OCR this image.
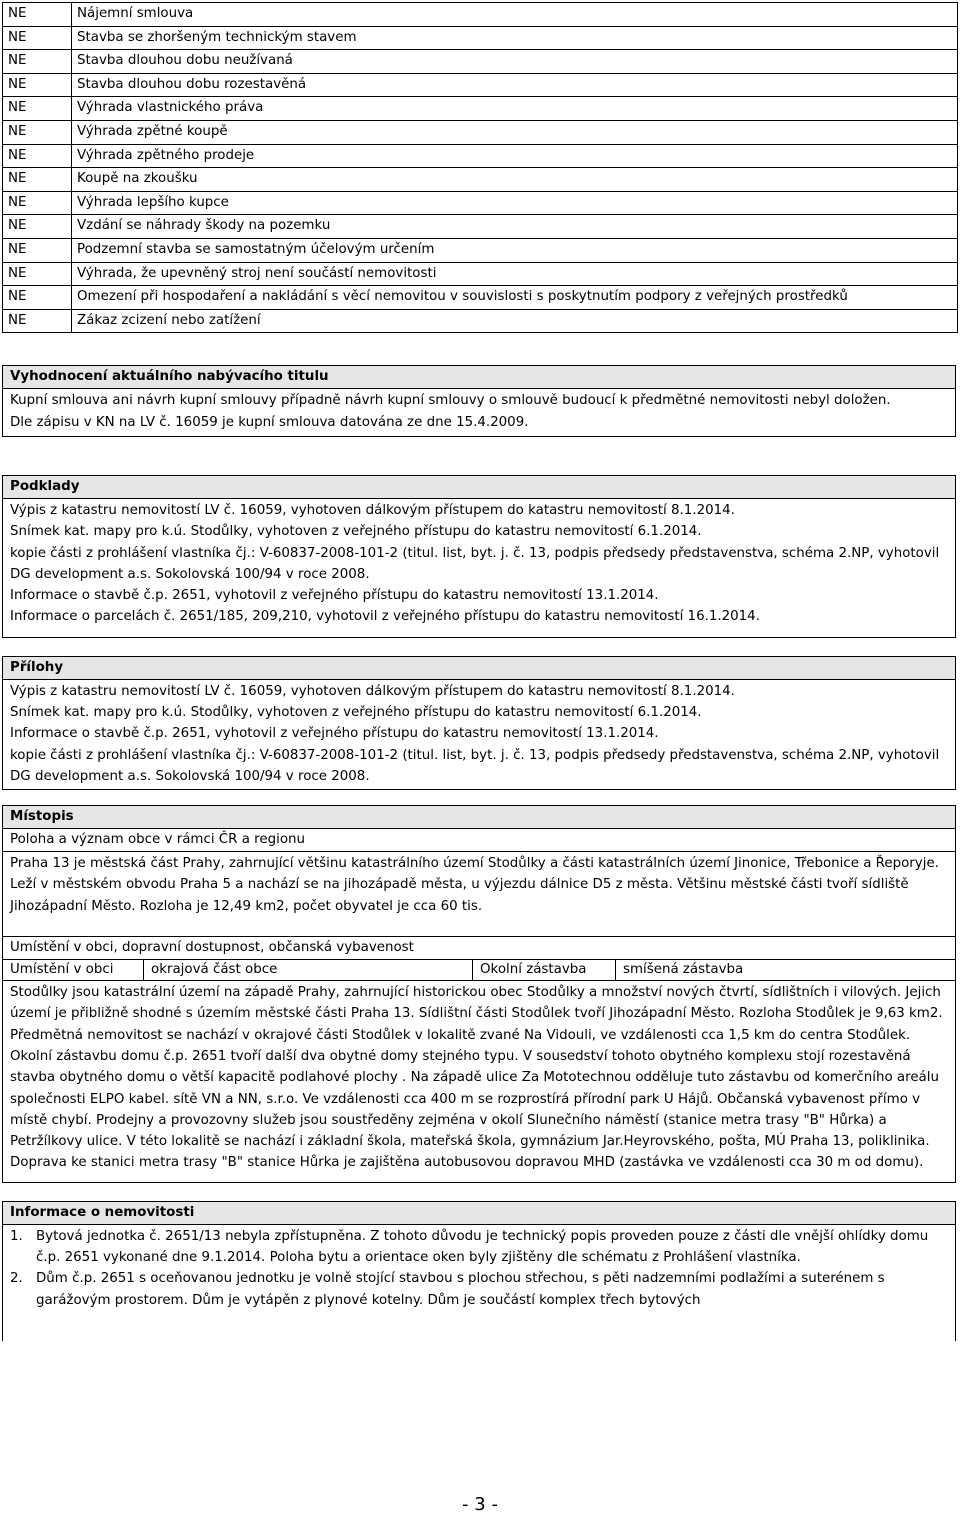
NE	Nájemní smlouva
NE	Stavba se zhoršeným technickým stavem
NE	Stavba dlouhou dobu neužívaná
NE	Stavba dlouhou dobu rozestavěná
NE	Výhrada vlastnického práva
NE	Výhrada zpětné koupě
NE	Výhrada zpětného prodeje
NE	Koupě na zkoušku
NE	Výhrada lepšího kupce
NE	Vzdání se náhrady škody na pozemku
NE	Podzemní stavba se samostatným účelovým určením
NE	Výhrada, že upevněný stroj není součástí nemovitosti
NE	Omezení při hospodaření a nakládání s věcí nemovitou v souvislosti s poskytnutím podpory z veřejných prostředků
NE	Zákaz zcizení nebo zatížení
Vyhodnocení aktuálního nabývacího titulu
Kupní smlouva ani návrh kupní smlouvy případně návrh kupní smlouvy o smlouvě budoucí k předmětné nemovitosti nebyl doložen.
Dle zápisu v KN na LV č. 16059 je kupní smlouva datována ze dne 15.4.2009.
Podklady
Výpis z katastru nemovitostí LV č. 16059, vyhotoven dálkovým přístupem do katastru nemovitostí 8.1.2014.
Snímek kat. mapy pro k.ú. Stodůlky, vyhotoven z veřejného přístupu do katastru nemovitostí 6.1.2014.
kopie části z prohlášení vlastníka čj.: V-60837-2008-101-2 (titul. list, byt. j. č. 13, podpis předsedy představenstva, schéma 2.NP, vyhotovil DG development a.s. Sokolovská 100/94 v roce 2008.
Informace o stavbě č.p. 2651, vyhotovil z veřejného přístupu do katastru nemovitostí 13.1.2014.
Informace o parcelách č. 2651/185, 209,210, vyhotovil z veřejného přístupu do katastru nemovitostí 16.1.2014.
Přílohy
Výpis z katastru nemovitostí LV č. 16059, vyhotoven dálkovým přístupem do katastru nemovitostí 8.1.2014.
Snímek kat. mapy pro k.ú. Stodůlky, vyhotoven z veřejného přístupu do katastru nemovitostí 6.1.2014.
Informace o stavbě č.p. 2651, vyhotovil z veřejného přístupu do katastru nemovitostí 13.1.2014.
kopie části z prohlášení vlastníka čj.: V-60837-2008-101-2 (titul. list, byt. j. č. 13, podpis předsedy představenstva, schéma 2.NP, vyhotovil DG development a.s. Sokolovská 100/94 v roce 2008.
Místopis
Poloha a význam obce v rámci ČR a regionu
Praha 13 je městská část Prahy, zahrnující většinu katastrálního území Stodůlky a části katastrálních území Jinonice, Třebonice a Řeporyje. Leží v městském obvodu Praha 5 a nachází se na jihozápadě města, u výjezdu dálnice D5 z města. Většinu městské části tvoří sídliště Jihozápadní Město. Rozloha je 12,49 km2, počet obyvatel je cca 60 tis.
Umístění v obci, dopravní dostupnost, občanská vybavenost
Umístění v obci	okrajová část obce	Okolní zástavba	smíšená zástavba
Stodůlky jsou katastrální území na západě Prahy, zahrnující historickou obec Stodůlky a množství nových čtvrtí, sídlištních i vilových. Jejich území je přibližně shodné s územím městské části Praha 13. Sídlištní části Stodůlek tvoří Jihozápadní Město. Rozloha Stodůlek je 9,63 km2. Předmětná nemovitost se nachází v okrajové části Stodůlek v lokalitě zvané Na Vidouli, ve vzdálenosti cca 1,5 km do centra Stodůlek.
Okolní zástavbu domu č.p. 2651 tvoří další dva obytné domy stejného typu. V sousedství tohoto obytného komplexu stojí rozestavěná stavba obytného domu o větší kapacitě podlahové plochy . Na západě ulice Za Mototechnou odděluje tuto zástavbu od komerčního areálu společnosti ELPO kabel. sítě VN a NN, s.r.o. Ve vzdálenosti cca 400 m se rozprostírá přírodní park U Hájů. Občanská vybavenost přímo v místě chybí. Prodejny a provozovny služeb jsou soustředěny zejména v okolí Slunečního náměstí (stanice metra trasy "B" Hůrka) a Petržílkovy ulice. V této lokalitě se nachází i základní škola, mateřská škola, gymnázium Jar.Heyrovského, pošta, MÚ Praha 13, poliklinika. Doprava ke stanici metra trasy "B" stanice Hůrka je zajištěna autobusovou dopravou MHD (zastávka ve vzdálenosti cca 30 m od domu).
Informace o nemovitosti
1. Bytová jednotka č. 2651/13 nebyla zpřístupněna. Z tohoto důvodu je technický popis proveden pouze z části dle vnější ohlídky domu č.p. 2651 vykonané dne 9.1.2014. Poloha bytu a orientace oken byly zjištěny dle schématu z Prohlášení vlastníka.
2. Dům č.p. 2651 s oceňovanou jednotku je volně stojící stavbou s plochou střechou, s pěti nadzemními podlažími a suterénem s garážovým prostorem. Dům je vytápěn z plynové kotelny. Dům je součástí komplex třech bytových
- 3 -
